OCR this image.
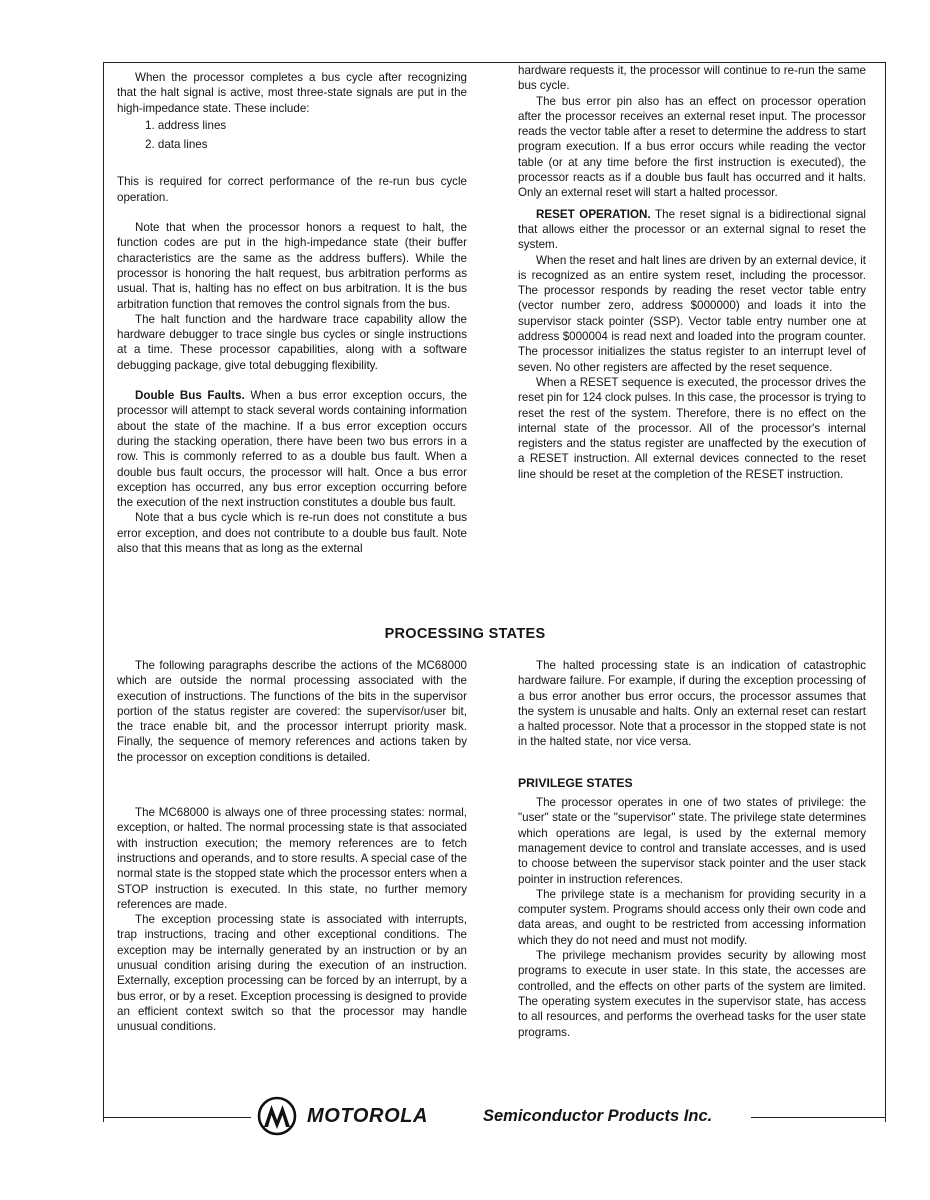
When the processor completes a bus cycle after recognizing that the halt signal is active, most three-state signals are put in the high-impedance state. These include:

1. address lines
2. data lines

This is required for correct performance of the re-run bus cycle operation.

Note that when the processor honors a request to halt, the function codes are put in the high-impedance state (their buffer characteristics are the same as the address buffers). While the processor is honoring the halt request, bus arbitration performs as usual. That is, halting has no effect on bus arbitration. It is the bus arbitration function that removes the control signals from the bus.

The halt function and the hardware trace capability allow the hardware debugger to trace single bus cycles or single instructions at a time. These processor capabilities, along with a software debugging package, give total debugging flexibility.

Double Bus Faults. When a bus error exception occurs, the processor will attempt to stack several words containing information about the state of the machine. If a bus error exception occurs during the stacking operation, there have been two bus errors in a row. This is commonly referred to as a double bus fault. When a double bus fault occurs, the processor will halt. Once a bus error exception has occurred, any bus error exception occurring before the execution of the next instruction constitutes a double bus fault.

Note that a bus cycle which is re-run does not constitute a bus error exception, and does not contribute to a double bus fault. Note also that this means that as long as the external

hardware requests it, the processor will continue to re-run the same bus cycle.

The bus error pin also has an effect on processor operation after the processor receives an external reset input. The processor reads the vector table after a reset to determine the address to start program execution. If a bus error occurs while reading the vector table (or at any time before the first instruction is executed), the processor reacts as if a double bus fault has occurred and it halts. Only an external reset will start a halted processor.

RESET OPERATION. The reset signal is a bidirectional signal that allows either the processor or an external signal to reset the system.

When the reset and halt lines are driven by an external device, it is recognized as an entire system reset, including the processor. The processor responds by reading the reset vector table entry (vector number zero, address $000000) and loads it into the supervisor stack pointer (SSP). Vector table entry number one at address $000004 is read next and loaded into the program counter. The processor initializes the status register to an interrupt level of seven. No other registers are affected by the reset sequence.

When a RESET sequence is executed, the processor drives the reset pin for 124 clock pulses. In this case, the processor is trying to reset the rest of the system. Therefore, there is no effect on the internal state of the processor. All of the processor's internal registers and the status register are unaffected by the execution of a RESET instruction. All external devices connected to the reset line should be reset at the completion of the RESET instruction.

PROCESSING STATES

The following paragraphs describe the actions of the MC68000 which are outside the normal processing associated with the execution of instructions. The functions of the bits in the supervisor portion of the status register are covered: the supervisor/user bit, the trace enable bit, and the processor interrupt priority mask. Finally, the sequence of memory references and actions taken by the processor on exception conditions is detailed.

The MC68000 is always one of three processing states: normal, exception, or halted. The normal processing state is that associated with instruction execution; the memory references are to fetch instructions and operands, and to store results. A special case of the normal state is the stopped state which the processor enters when a STOP instruction is executed. In this state, no further memory references are made.

The exception processing state is associated with interrupts, trap instructions, tracing and other exceptional conditions. The exception may be internally generated by an instruction or by an unusual condition arising during the execution of an instruction. Externally, exception processing can be forced by an interrupt, by a bus error, or by a reset. Exception processing is designed to provide an efficient context switch so that the processor may handle unusual conditions.

The halted processing state is an indication of catastrophic hardware failure. For example, if during the exception processing of a bus error another bus error occurs, the processor assumes that the system is unusable and halts. Only an external reset can restart a halted processor. Note that a processor in the stopped state is not in the halted state, nor vice versa.

PRIVILEGE STATES

The processor operates in one of two states of privilege: the "user" state or the "supervisor" state. The privilege state determines which operations are legal, is used by the external memory management device to control and translate accesses, and is used to choose between the supervisor stack pointer and the user stack pointer in instruction references.

The privilege state is a mechanism for providing security in a computer system. Programs should access only their own code and data areas, and ought to be restricted from accessing information which they do not need and must not modify.

The privilege mechanism provides security by allowing most programs to execute in user state. In this state, the accesses are controlled, and the effects on other parts of the system are limited. The operating system executes in the supervisor state, has access to all resources, and performs the overhead tasks for the user state programs.

MOTOROLA	Semiconductor Products Inc.
